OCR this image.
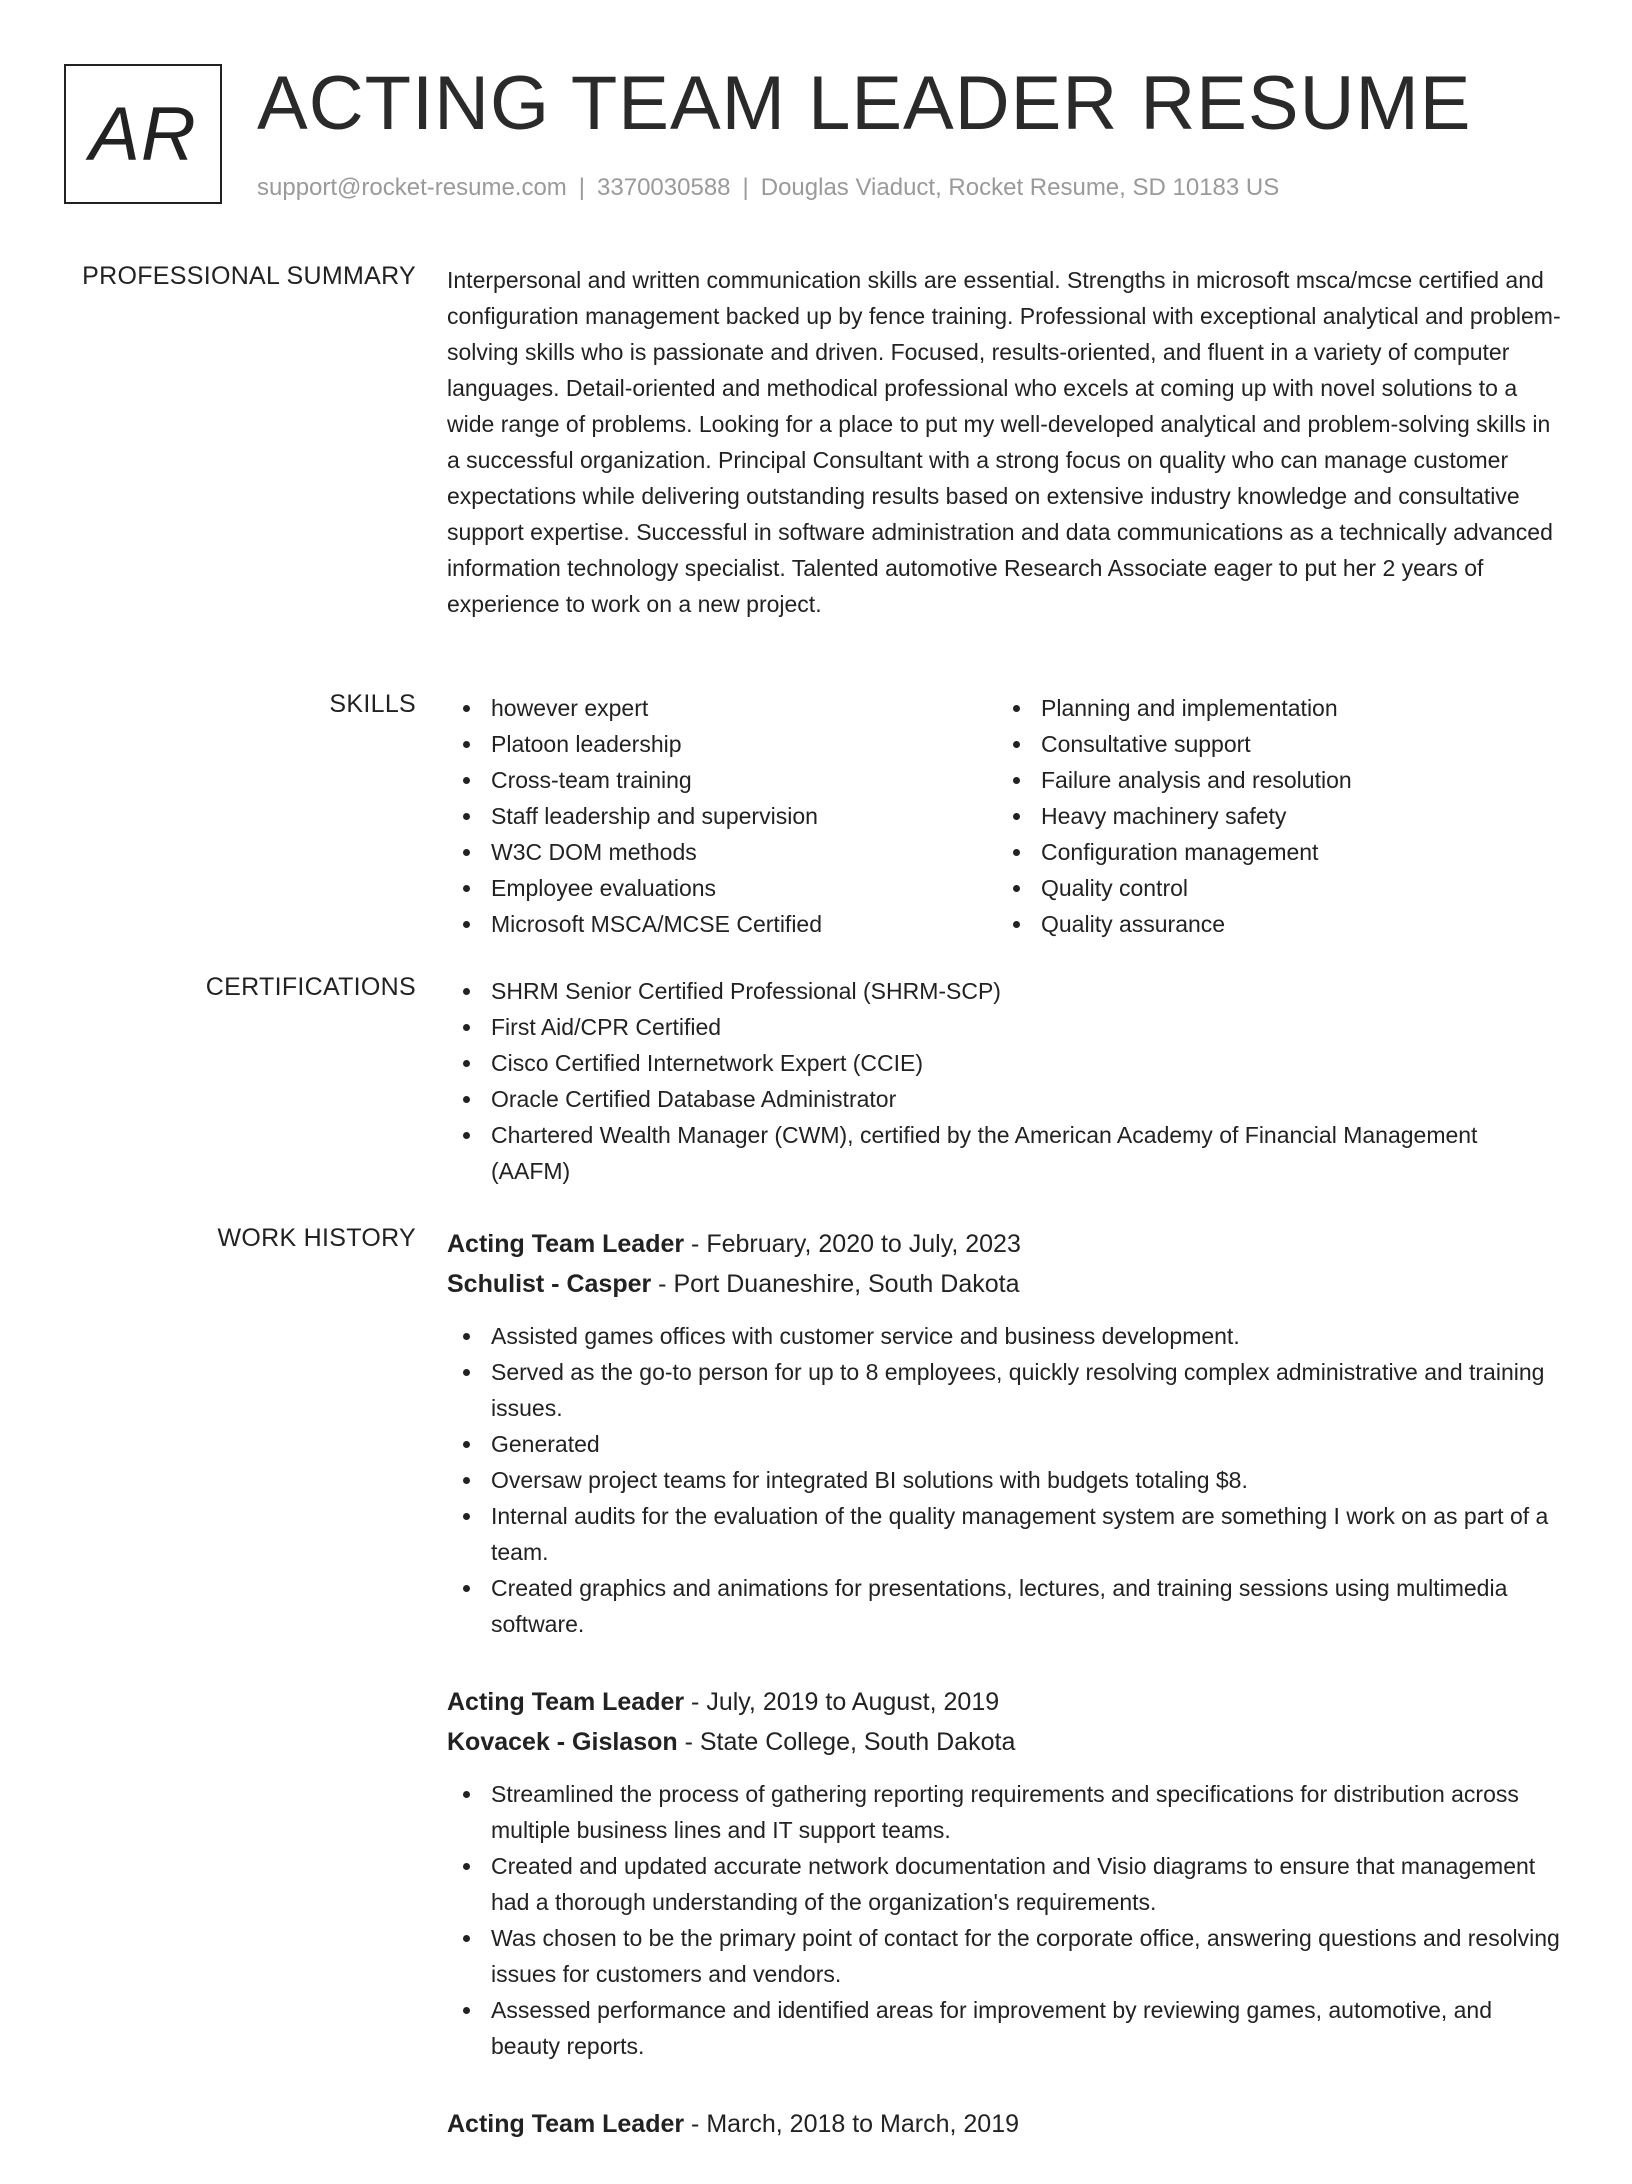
AR ACTING TEAM LEADER RESUME
support@rocket-resume.com | 3370030588 | Douglas Viaduct, Rocket Resume, SD 10183 US
PROFESSIONAL SUMMARY Interpersonal and written communication skills are essential. Strengths in microsoft msca/mcse certified and configuration management backed up by fence training. Professional with exceptional analytical and problem-solving skills who is passionate and driven. Focused, results-oriented, and fluent in a variety of computer languages. Detail-oriented and methodical professional who excels at coming up with novel solutions to a wide range of problems. Looking for a place to put my well-developed analytical and problem-solving skills in a successful organization. Principal Consultant with a strong focus on quality who can manage customer expectations while delivering outstanding results based on extensive industry knowledge and consultative support expertise. Successful in software administration and data communications as a technically advanced information technology specialist. Talented automotive Research Associate eager to put her 2 years of experience to work on a new project.
SKILLS	however expert
Platoon leadership
Cross-team training
Staff leadership and supervision
W3C DOM methods
Employee evaluations
Microsoft MSCA/MCSE Certified
Planning and implementation
Consultative support
Failure analysis and resolution
Heavy machinery safety
Configuration management
Quality control
Quality assurance
CERTIFICATIONS	SHRM Senior Certified Professional (SHRM-SCP)
First Aid/CPR Certified
Cisco Certified Internetwork Expert (CCIE)
Oracle Certified Database Administrator
Chartered Wealth Manager (CWM), certified by the American Academy of Financial Management (AAFM)
WORK HISTORY Acting Team Leader - February, 2020 to July, 2023
Schulist - Casper - Port Duaneshire, South Dakota
Assisted games offices with customer service and business development.
Served as the go-to person for up to 8 employees, quickly resolving complex administrative and training issues.
Generated
Oversaw project teams for integrated BI solutions with budgets totaling $8.
Internal audits for the evaluation of the quality management system are something I work on as part of a team.
Created graphics and animations for presentations, lectures, and training sessions using multimedia software.
Acting Team Leader - July, 2019 to August, 2019
Kovacek - Gislason - State College, South Dakota
Streamlined the process of gathering reporting requirements and specifications for distribution across multiple business lines and IT support teams.
Created and updated accurate network documentation and Visio diagrams to ensure that management had a thorough understanding of the organization's requirements.
Was chosen to be the primary point of contact for the corporate office, answering questions and resolving issues for customers and vendors.
Assessed performance and identified areas for improvement by reviewing games, automotive, and beauty reports.
Acting Team Leader - March, 2018 to March, 2019
